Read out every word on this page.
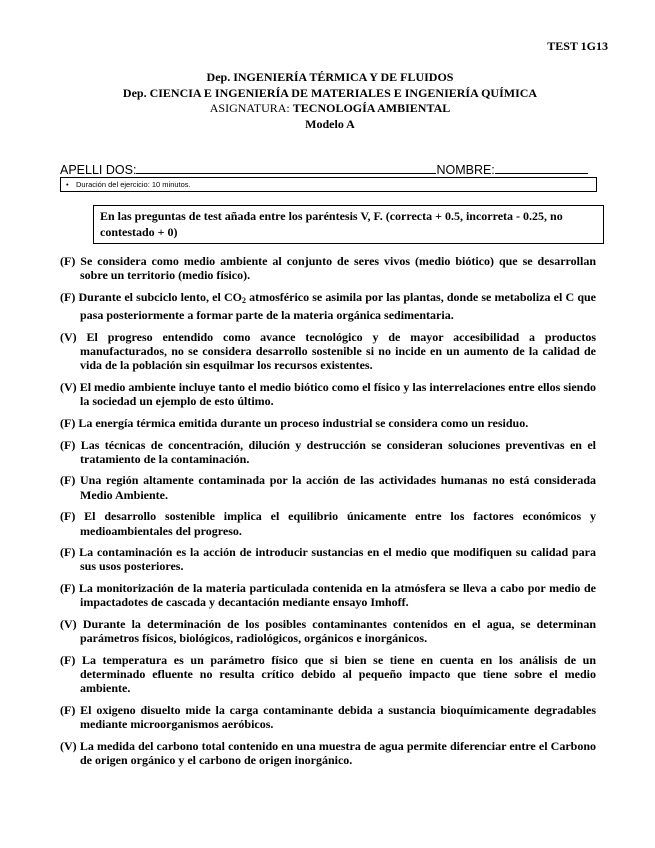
TEST 1G13
Dep. INGENIERÍA TÉRMICA Y DE FLUIDOS
Dep. CIENCIA E INGENIERÍA DE MATERIALES E INGENIERÍA QUÍMICA
ASIGNATURA: TECNOLOGÍA AMBIENTAL
Modelo A
APELLI DOS:	NOMBRE:
• Duración del ejercicio: 10 minutos.
En las preguntas de test añada entre los paréntesis V, F. (correcta + 0.5, incorreta - 0.25, no contestado + 0)

(F) Se considera como medio ambiente al conjunto de seres vivos (medio biótico) que se desarrollan sobre un territorio (medio físico).

(F) Durante el subciclo lento, el $CO_2$ atmosférico se asimila por las plantas, donde se metaboliza el C que pasa posteriormente a formar parte de la materia orgánica sedimentaria.

(V) El progreso entendido como avance tecnológico y de mayor accesibilidad a productos manufacturados, no se considera desarrollo sostenible si no incide en un aumento de la calidad de vida de la población sin esquilmar los recursos existentes.

(V) El medio ambiente incluye tanto el medio biótico como el físico y las interrelaciones entre ellos siendo la sociedad un ejemplo de esto último.

(F) La energía térmica emitida durante un proceso industrial se considera como un residuo.

(F) Las técnicas de concentración, dilución y destrucción se consideran soluciones preventivas en el tratamiento de la contaminación.

(F) Una región altamente contaminada por la acción de las actividades humanas no está considerada Medio Ambiente.

(F) El desarrollo sostenible implica el equilibrio únicamente entre los factores económicos y medioambientales del progreso.

(F) La contaminación es la acción de introducir sustancias en el medio que modifiquen su calidad para sus usos posteriores.

(F) La monitorización de la materia particulada contenida en la atmósfera se lleva a cabo por medio de impactadotes de cascada y decantación mediante ensayo Imhoff.

(V) Durante la determinación de los posibles contaminantes contenidos en el agua, se determinan parámetros físicos, biológicos, radiológicos, orgánicos e inorgánicos.

(F) La temperatura es un parámetro físico que si bien se tiene en cuenta en los análisis de un determinado efluente no resulta crítico debido al pequeño impacto que tiene sobre el medio ambiente.

(F) El oxigeno disuelto mide la carga contaminante debida a sustancia bioquímicamente degradables mediante microorganismos aeróbicos.

(V) La medida del carbono total contenido en una muestra de agua permite diferenciar entre el Carbono de origen orgánico y el carbono de origen inorgánico.
